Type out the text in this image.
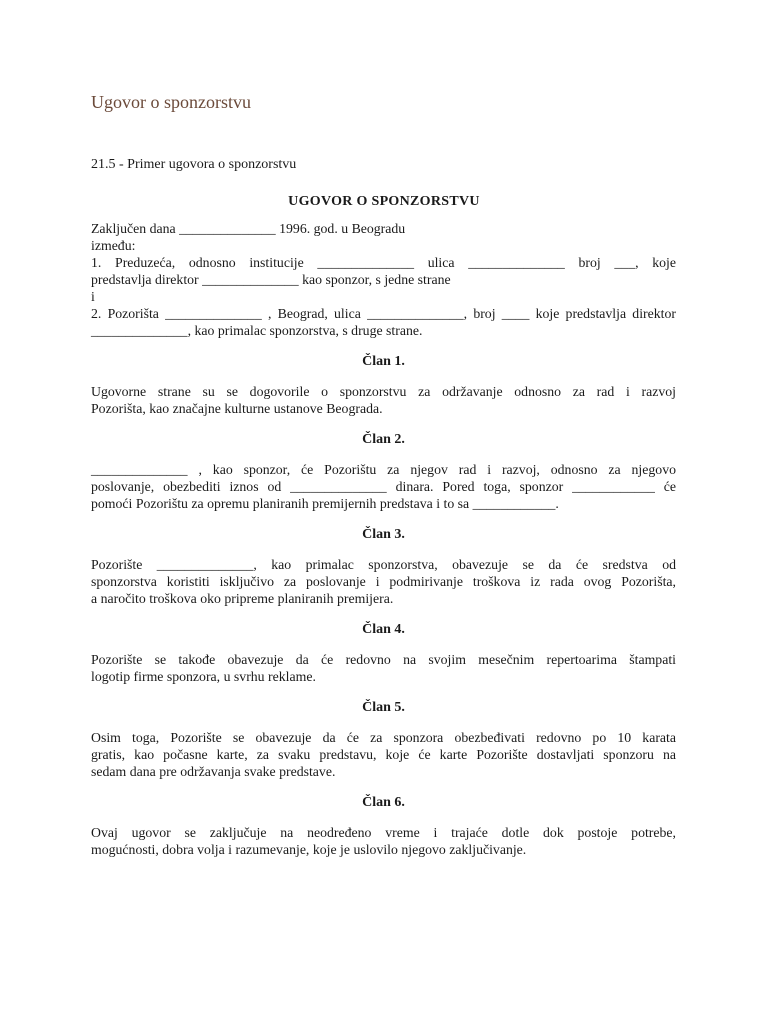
Ugovor o sponzorstvu
21.5 - Primer ugovora o sponzorstvu
UGOVOR O SPONZORSTVU
Zaključen dana ______________ 1996. god. u Beogradu
između:
1. Preduzeća, odnosno institucije ______________ ulica ______________ broj ___, koje
predstavlja direktor ______________ kao sponzor, s jedne strane
i
2. Pozorišta ______________ , Beograd, ulica ______________, broj ____ koje predstavlja direktor
______________, kao primalac sponzorstva, s druge strane.
Član 1.
Ugovorne strane su se dogovorile o sponzorstvu za održavanje odnosno za rad i razvoj
Pozorišta, kao značajne kulturne ustanove Beograda.
Član 2.
______________ , kao sponzor, će Pozorištu za njegov rad i razvoj, odnosno za njegovo
poslovanje, obezbediti iznos od ______________ dinara. Pored toga, sponzor ____________ će
pomoći Pozorištu za opremu planiranih premijernih predstava i to sa ____________.
Član 3.
Pozorište ______________, kao primalac sponzorstva, obavezuje se da će sredstva od
sponzorstva koristiti isključivo za poslovanje i podmirivanje troškova iz rada ovog Pozorišta,
a naročito troškova oko pripreme planiranih premijera.
Član 4.
Pozorište se takođe obavezuje da će redovno na svojim mesečnim repertoarima štampati
logotip firme sponzora, u svrhu reklame.
Član 5.
Osim toga, Pozorište se obavezuje da će za sponzora obezbeđivati redovno po 10 karata
gratis, kao počasne karte, za svaku predstavu, koje će karte Pozorište dostavljati sponzoru na
sedam dana pre održavanja svake predstave.
Član 6.
Ovaj ugovor se zaključuje na neodređeno vreme i trajaće dotle dok postoje potrebe,
mogućnosti, dobra volja i razumevanje, koje je uslovilo njegovo zaključivanje.
